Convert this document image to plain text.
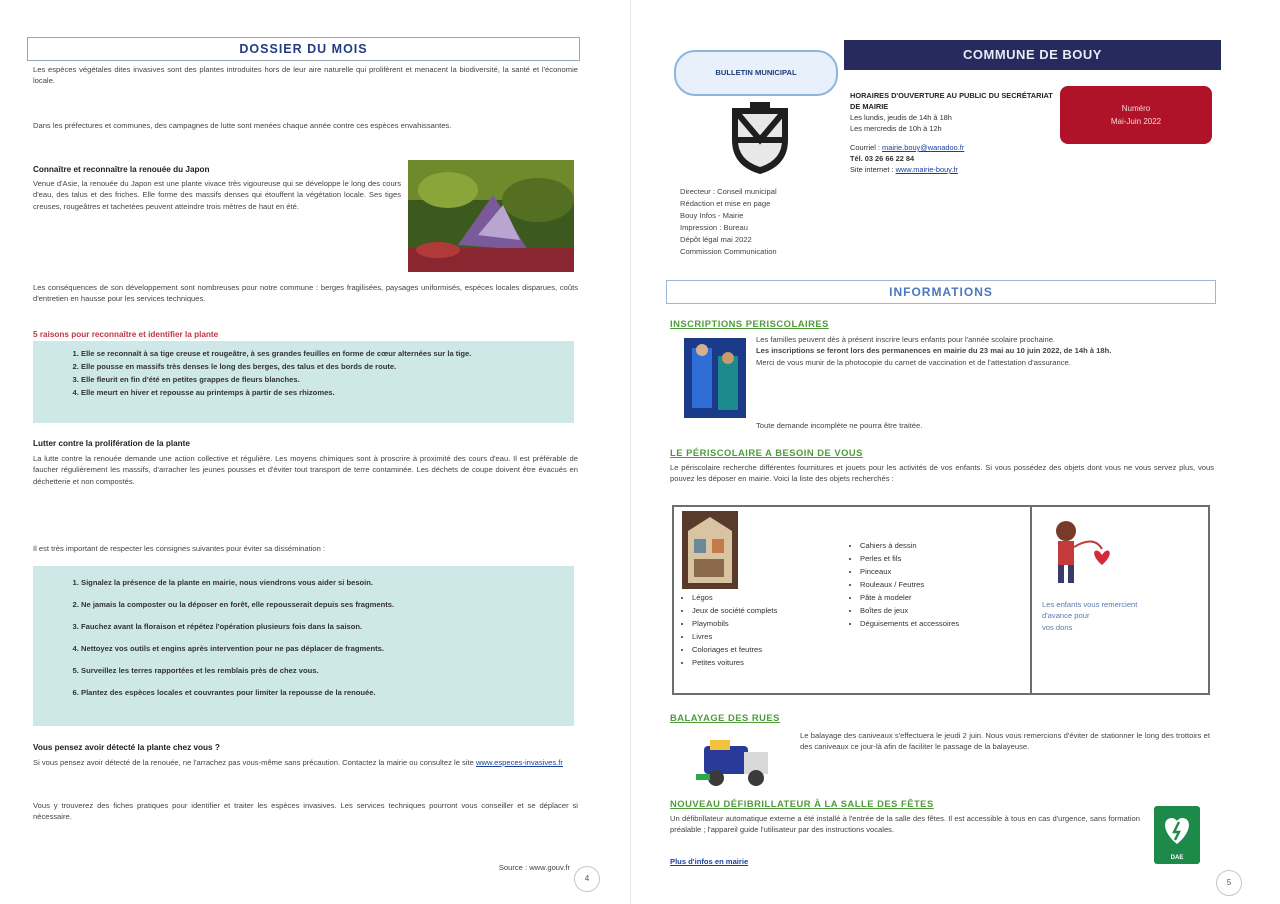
DOSSIER DU MOIS
Les espèces végétales dites invasives sont des plantes introduites hors de leur aire naturelle qui prolifèrent et menacent la biodiversité, la santé et l'économie locale.
Dans les préfectures et communes, des campagnes de lutte sont menées chaque année contre ces espèces envahissantes.
Connaître et reconnaître la renouée du Japon
Venue d'Asie, la renouée du Japon est une plante vivace très vigoureuse qui se développe le long des cours d'eau, des talus et des friches. Elle forme des massifs denses qui étouffent la végétation locale. Ses tiges creuses, rougeâtres et tachetées peuvent atteindre trois mètres de haut en été.
Les conséquences de son développement sont nombreuses pour notre commune : berges fragilisées, paysages uniformisés, espèces locales disparues, coûts d'entretien en hausse pour les services techniques.
5 raisons pour reconnaître et identifier la plante
1. Elle se reconnaît à sa tige creuse et rougeâtre, à ses grandes feuilles en forme de cœur alternées sur la tige.
2. Elle pousse en massifs très denses le long des berges, des talus et des bords de route.
3. Elle fleurit en fin d'été en petites grappes de fleurs blanches.
4. Elle meurt en hiver et repousse au printemps à partir de ses rhizomes.
Lutter contre la prolifération de la plante
La lutte contre la renouée demande une action collective et régulière. Les moyens chimiques sont à proscrire à proximité des cours d'eau. Il est préférable de faucher régulièrement les massifs, d'arracher les jeunes pousses et d'éviter tout transport de terre contaminée. Les déchets de coupe doivent être évacués en déchetterie et non compostés.
Il est très important de respecter les consignes suivantes pour éviter sa dissémination :
1. Signalez la présence de la plante en mairie, nous viendrons vous aider si besoin.
2. Ne jamais la composter ou la déposer en forêt, elle repousserait depuis ses fragments.
3. Fauchez avant la floraison et répétez l'opération plusieurs fois dans la saison.
4. Nettoyez vos outils et engins après intervention pour ne pas déplacer de fragments.
5. Surveillez les terres rapportées et les remblais près de chez vous.
6. Plantez des espèces locales et couvrantes pour limiter la repousse de la renouée.
Vous pensez avoir détecté la plante chez vous ?
Si vous pensez avoir détecté de la renouée, ne l'arrachez pas vous-même sans précaution. Contactez la mairie ou consultez le site www.especes-invasives.fr
Vous y trouverez des fiches pratiques pour identifier et traiter les espèces invasives. Les services techniques pourront vous conseiller et se déplacer si nécessaire.
Source : www.gouv.fr
4
BULLETIN MUNICIPAL
COMMUNE DE BOUY
Directeur : Conseil municipal
Rédaction et mise en page
Bouy Infos - Mairie
Impression : Bureau
Dépôt légal mai 2022
Commission Communication
HORAIRES D'OUVERTURE AU PUBLIC DU SECRÉTARIAT DE MAIRIE
Les lundis, jeudis de 14h à 18h
Les mercredis de 10h à 12h
Courriel : mairie.bouy@wanadoo.fr
Tél. 03 26 66 22 84
Site internet : www.mairie-bouy.fr
Numéro
Mai-Juin 2022
INFORMATIONS
INSCRIPTIONS PERISCOLAIRES
Les familles peuvent dès à présent inscrire leurs enfants pour l'année scolaire prochaine.
Les inscriptions se feront lors des permanences en mairie du 23 mai au 10 juin 2022, de 14h à 18h.
Merci de vous munir de la photocopie du carnet de vaccination et de l'attestation d'assurance.
Toute demande incomplète ne pourra être traitée.
LE PÉRISCOLAIRE A BESOIN DE VOUS
Le périscolaire recherche différentes fournitures et jouets pour les activités de vos enfants. Si vous possédez des objets dont vous ne vous servez plus, vous pouvez les déposer en mairie. Voici la liste des objets recherchés :
• Légos
• Jeux de société complets
• Playmobils
• Livres
• Coloriages et feutres
• Petites voitures
• Cahiers à dessin
• Perles et fils
• Pinceaux
• Rouleaux / Feutres
• Pâte à modeler
• Boîtes de jeux
• Déguisements et accessoires
Les enfants vous remercient
d'avance pour
vos dons
BALAYAGE DES RUES
Le balayage des caniveaux s'effectuera le jeudi 2 juin. Nous vous remercions d'éviter de stationner le long des trottoirs et des caniveaux ce jour-là afin de faciliter le passage de la balayeuse.
NOUVEAU DÉFIBRILLATEUR À LA SALLE DES FÊTES
Un défibrillateur automatique externe a été installé à l'entrée de la salle des fêtes. Il est accessible à tous en cas d'urgence, sans formation préalable ; l'appareil guide l'utilisateur par des instructions vocales.
Plus d'infos en mairie	DAE
5
